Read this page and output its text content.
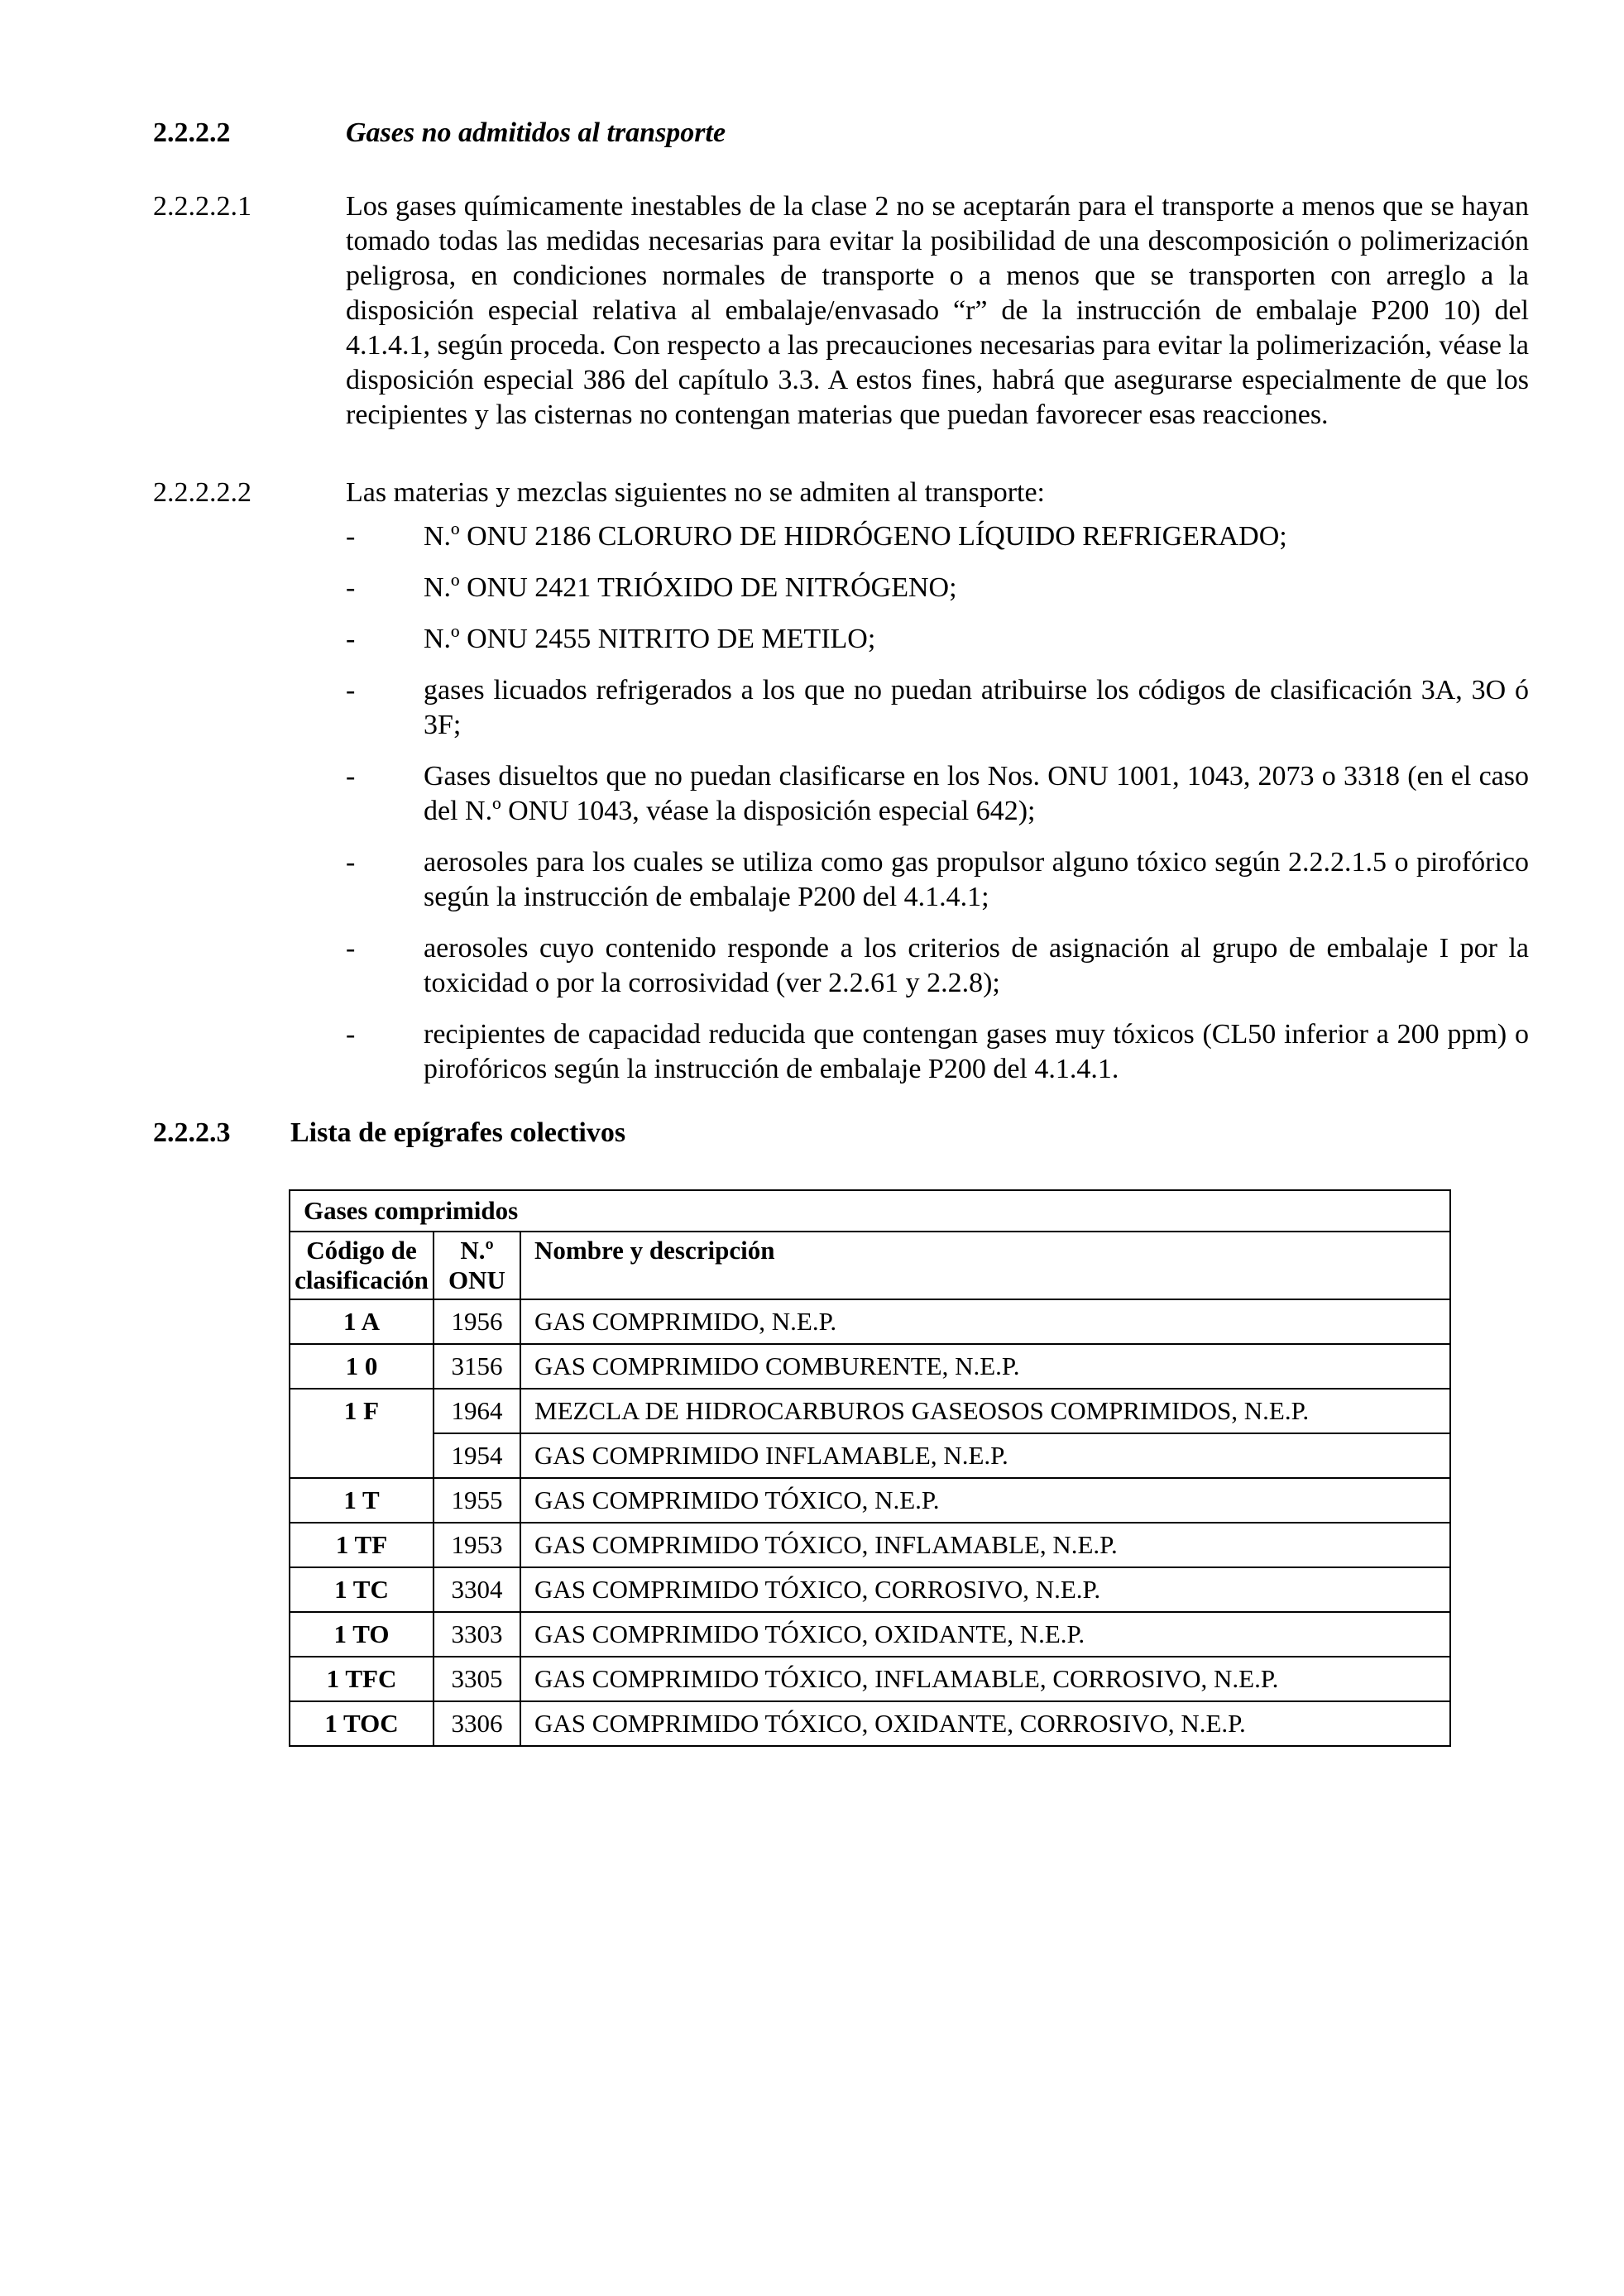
2.2.2.2	Gases no admitidos al transporte
2.2.2.2.1	Los gases químicamente inestables de la clase 2 no se aceptarán para el transporte a menos que se hayan tomado todas las medidas necesarias para evitar la posibilidad de una descomposición o polimerización peligrosa, en condiciones normales de transporte o a menos que se transporten con arreglo a la disposición especial relativa al embalaje/envasado “r” de la instrucción de embalaje P200 10) del 4.1.4.1, según proceda. Con respecto a las precauciones necesarias para evitar la polimerización, véase la disposición especial 386 del capítulo 3.3. A estos fines, habrá que asegurarse especialmente de que los recipientes y las cisternas no contengan materias que puedan favorecer esas reacciones.
2.2.2.2.2	Las materias y mezclas siguientes no se admiten al transporte:
- N.º ONU 2186 CLORURO DE HIDRÓGENO LÍQUIDO REFRIGERADO;
- N.º ONU 2421 TRIÓXIDO DE NITRÓGENO;
- N.º ONU 2455 NITRITO DE METILO;
- gases licuados refrigerados a los que no puedan atribuirse los códigos de clasificación 3A, 3O ó 3F;
- Gases disueltos que no puedan clasificarse en los Nos. ONU 1001, 1043, 2073 o 3318 (en el caso del N.º ONU 1043, véase la disposición especial 642);
- aerosoles para los cuales se utiliza como gas propulsor alguno tóxico según 2.2.2.1.5 o pirofórico según la instrucción de embalaje P200 del 4.1.4.1;
- aerosoles cuyo contenido responde a los criterios de asignación al grupo de embalaje I por la toxicidad o por la corrosividad (ver 2.2.61 y 2.2.8);
- recipientes de capacidad reducida que contengan gases muy tóxicos (CL50 inferior a 200 ppm) o pirofóricos según la instrucción de embalaje P200 del 4.1.4.1.
2.2.2.3 Lista de epígrafes colectivos
Gases comprimidos		
Código de clasificación	N.º ONU	Nombre y descripción
1 A	1956	GAS COMPRIMIDO, N.E.P.
1 0	3156	GAS COMPRIMIDO COMBURENTE, N.E.P.
1 F	1964	MEZCLA DE HIDROCARBUROS GASEOSOS COMPRIMIDOS, N.E.P.
	1954	GAS COMPRIMIDO INFLAMABLE, N.E.P.
1 T	1955	GAS COMPRIMIDO TÓXICO, N.E.P.
1 TF	1953	GAS COMPRIMIDO TÓXICO, INFLAMABLE, N.E.P.
1 TC	3304	GAS COMPRIMIDO TÓXICO, CORROSIVO, N.E.P.
1 TO	3303	GAS COMPRIMIDO TÓXICO, OXIDANTE, N.E.P.
1 TFC	3305	GAS COMPRIMIDO TÓXICO, INFLAMABLE, CORROSIVO, N.E.P.
1 TOC	3306	GAS COMPRIMIDO TÓXICO, OXIDANTE, CORROSIVO, N.E.P.
